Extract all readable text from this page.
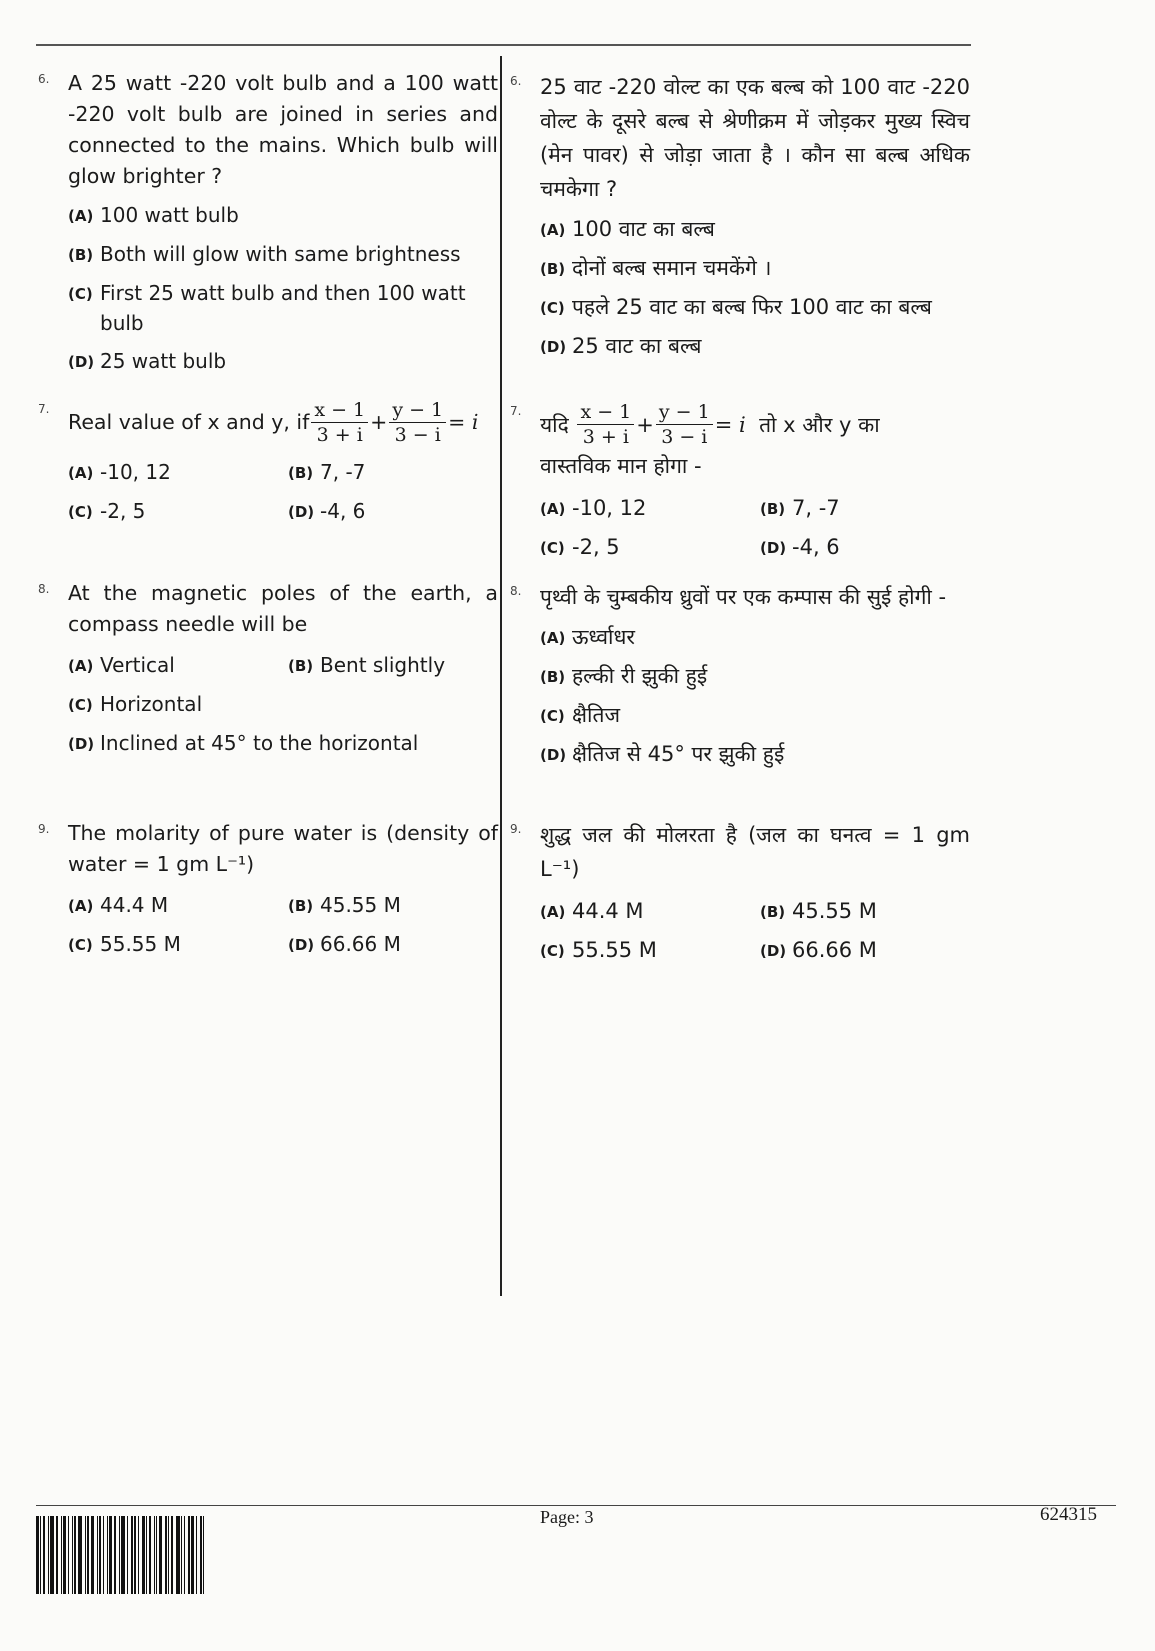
6. A 25 watt -220 volt bulb and a 100 watt -220 volt bulb are joined in series and connected to the mains. Which bulb will glow brighter ?

(A) 100 watt bulb
(B) Both will glow with same brightness
(C) First 25 watt bulb and then 100 watt bulb
(D) 25 watt bulb
7.
Real value of x and y, if $\frac{x - 1}{3 + i} + \frac{y - 1}{3 - i} = i$
(A) -10, 12	(B) 7, -7
(C) -2, 5	(D) -4, 6
8. At the magnetic poles of the earth, a compass needle will be

(A) Vertical	(B) Bent slightly
(C) Horizontal
(D) Inclined at 45° to the horizontal
9. The molarity of pure water is (density of water = 1 gm L⁻¹)

(A) 44.4 M	(B) 45.55 M
(C) 55.55 M	(D) 66.66 M
6. 25 वाट -220 वोल्ट का एक बल्ब को 100 वाट -220 वोल्ट के दूसरे बल्ब से श्रेणीक्रम में जोड़कर मुख्य स्विच (मेन पावर) से जोड़ा जाता है । कौन सा बल्ब अधिक चमकेगा ?

(A) 100 वाट का बल्ब
(B) दोनों बल्ब समान चमकेंगे ।
(C) पहले 25 वाट का बल्ब फिर 100 वाट का बल्ब
(D) 25 वाट का बल्ब
7.
यदि
$\frac{x - 1}{3 + i} + \frac{y - 1}{3 - i} = i$
तो x और y का

वास्तविक मान होगा -

(A) -10, 12	(B) 7, -7
(C) -2, 5	(D) -4, 6
8. पृथ्वी के चुम्बकीय ध्रुवों पर एक कम्पास की सुई होगी -

(A) ऊर्ध्वाधर
(B) हल्की री झुकी हुई
(C) क्षैतिज
(D) क्षैतिज से 45° पर झुकी हुई
9. शुद्ध जल की मोलरता है (जल का घनत्व = 1 gm L⁻¹)

(A) 44.4 M	(B) 45.55 M
(C) 55.55 M	(D) 66.66 M
Page: 3	624315
